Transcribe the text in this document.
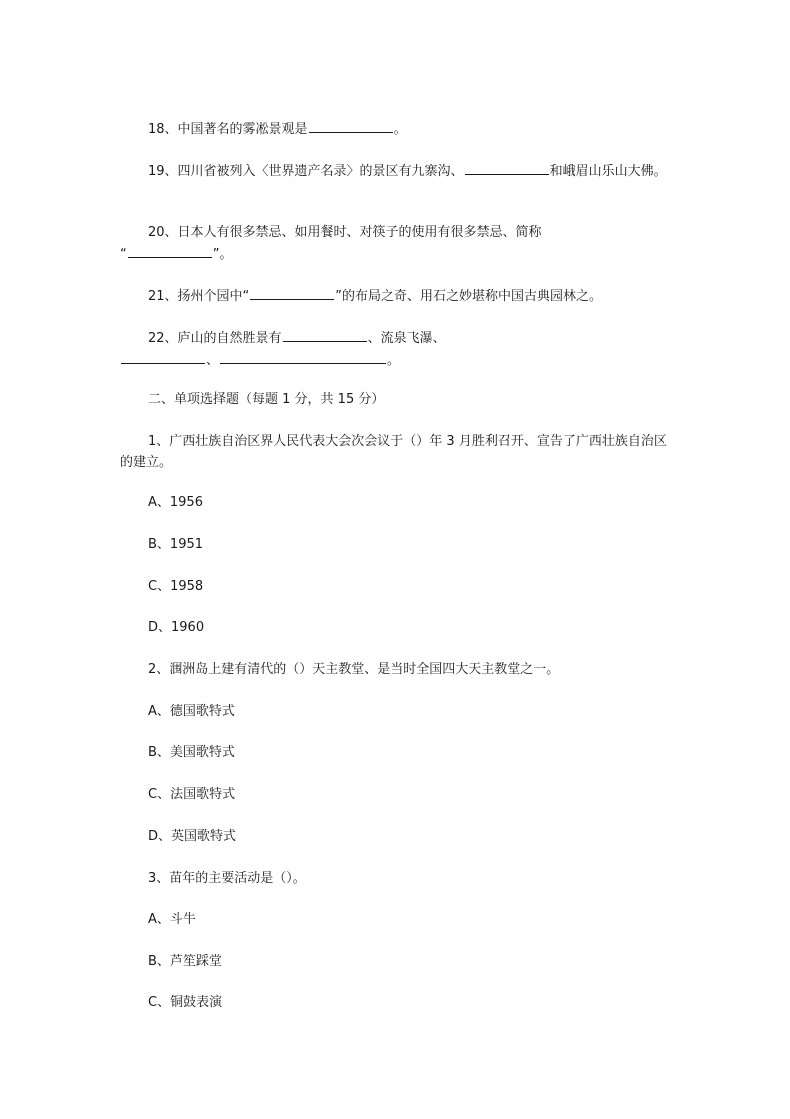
18、中国著名的雾凇景观是	。

19、四川省被列入〈世界遗产名录〉的景区有九寨沟、	和峨眉山乐山大佛。

20、日本人有很多禁忌、如用餐时、对筷子的使用有很多禁忌、简称
“	”。

21、扬州个园中“	”的布局之奇、用石之妙堪称中国古典园林之。

22、庐山的自然胜景有	、流泉飞瀑、
、	。

二、单项选择题（每题 1 分，共 15 分）

1、广西壮族自治区界人民代表大会次会议于（）年 3 月胜利召开、宣告了广西壮族自治区的建立。

A、1956

B、1951

C、1958

D、1960

2、涠洲岛上建有清代的（）天主教堂、是当时全国四大天主教堂之一。

A、德国歌特式

B、美国歌特式

C、法国歌特式

D、英国歌特式

3、苗年的主要活动是（）。

A、斗牛

B、芦笙踩堂

C、铜鼓表演
